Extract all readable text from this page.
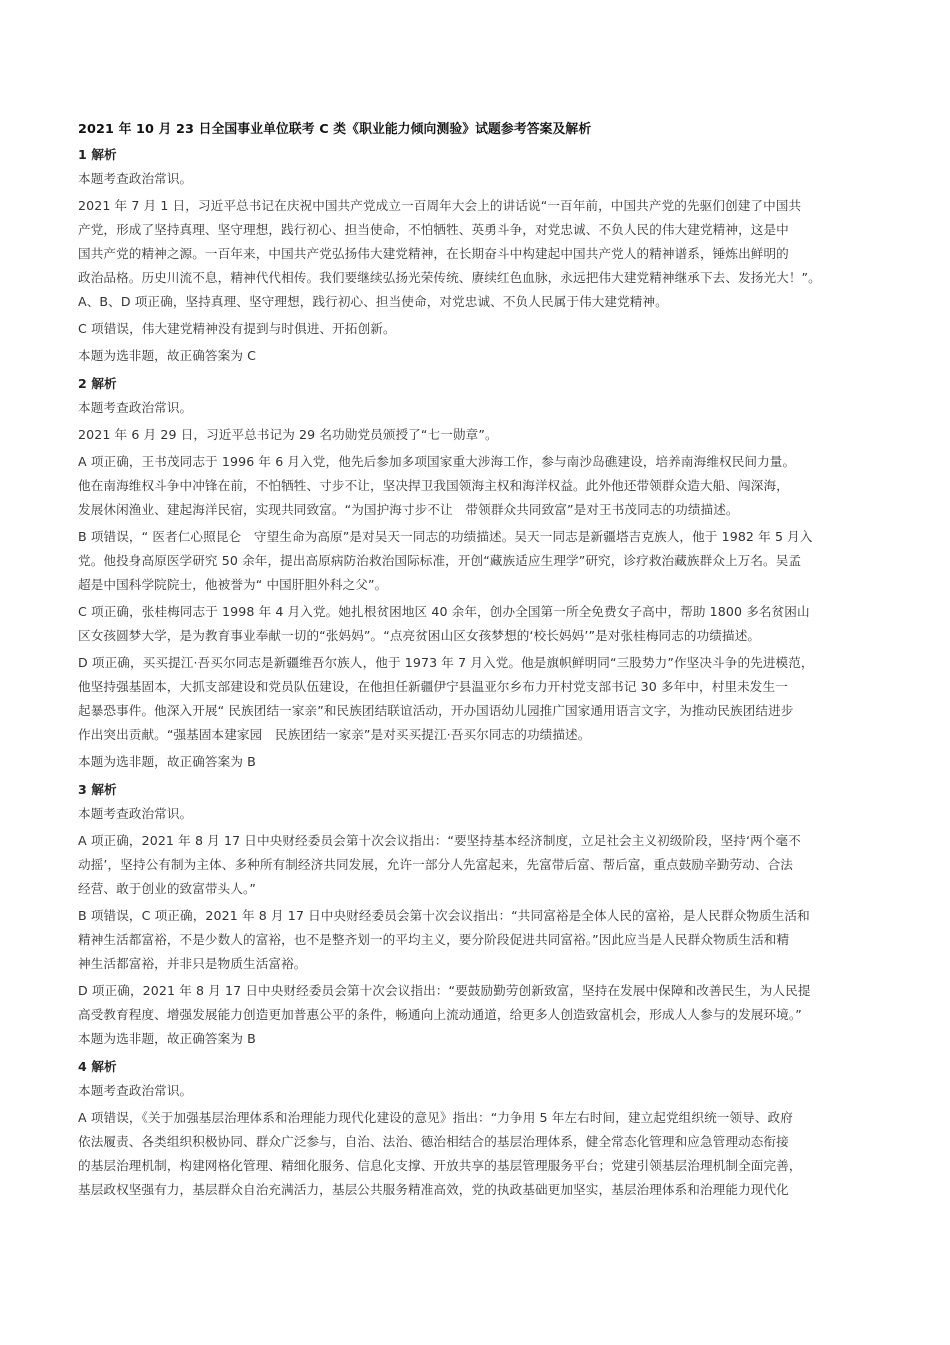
2021 年 10 月 23 日全国事业单位联考 C 类《职业能力倾向测验》试题参考答案及解析
1 解析
本题考查政治常识。
2021 年 7 月 1 日，习近平总书记在庆祝中国共产党成立一百周年大会上的讲话说“一百年前，中国共产党的先驱们创建了中国共
产党，形成了坚持真理、坚守理想，践行初心、担当使命，不怕牺牲、英勇斗争，对党忠诚、不负人民的伟大建党精神，这是中
国共产党的精神之源。一百年来，中国共产党弘扬伟大建党精神，在长期奋斗中构建起中国共产党人的精神谱系，锤炼出鲜明的
政治品格。历史川流不息，精神代代相传。我们要继续弘扬光荣传统、赓续红色血脉，永远把伟大建党精神继承下去、发扬光大！”。
A、B、D 项正确，坚持真理、坚守理想，践行初心、担当使命，对党忠诚、不负人民属于伟大建党精神。
C 项错误，伟大建党精神没有提到与时俱进、开拓创新。
本题为选非题，故正确答案为 C
2 解析
本题考查政治常识。
2021 年 6 月 29 日，习近平总书记为 29 名功勋党员颁授了“七一勋章”。
A 项正确，王书茂同志于 1996 年 6 月入党，他先后参加多项国家重大涉海工作，参与南沙岛礁建设，培养南海维权民间力量。
他在南海维权斗争中冲锋在前，不怕牺牲、寸步不让，坚决捍卫我国领海主权和海洋权益。此外他还带领群众造大船、闯深海，
发展休闲渔业、建起海洋民宿，实现共同致富。“为国护海寸步不让　带领群众共同致富”是对王书茂同志的功绩描述。
B 项错误，“ 医者仁心照昆仑　守望生命为高原”是对吴天一同志的功绩描述。吴天一同志是新疆塔吉克族人，他于 1982 年 5 月入
党。他投身高原医学研究 50 余年，提出高原病防治救治国际标准，开创“藏族适应生理学”研究，诊疗救治藏族群众上万名。吴孟
超是中国科学院院士，他被誉为“ 中国肝胆外科之父”。
C 项正确，张桂梅同志于 1998 年 4 月入党。她扎根贫困地区 40 余年，创办全国第一所全免费女子高中，帮助 1800 多名贫困山
区女孩圆梦大学，是为教育事业奉献一切的“张妈妈”。“点亮贫困山区女孩梦想的‘校长妈妈’”是对张桂梅同志的功绩描述。
D 项正确，买买提江·吾买尔同志是新疆维吾尔族人，他于 1973 年 7 月入党。他是旗帜鲜明同“三股势力”作坚决斗争的先进模范，
他坚持强基固本，大抓支部建设和党员队伍建设，在他担任新疆伊宁县温亚尔乡布力开村党支部书记 30 多年中，村里未发生一
起暴恐事件。他深入开展“ 民族团结一家亲”和民族团结联谊活动，开办国语幼儿园推广国家通用语言文字，为推动民族团结进步
作出突出贡献。“强基固本建家园　民族团结一家亲”是对买买提江·吾买尔同志的功绩描述。
本题为选非题，故正确答案为 B
3 解析
本题考查政治常识。
A 项正确，2021 年 8 月 17 日中央财经委员会第十次会议指出：“要坚持基本经济制度，立足社会主义初级阶段，坚持‘两个毫不
动摇’，坚持公有制为主体、多种所有制经济共同发展，允许一部分人先富起来，先富带后富、帮后富，重点鼓励辛勤劳动、合法
经营、敢于创业的致富带头人。”
B 项错误，C 项正确，2021 年 8 月 17 日中央财经委员会第十次会议指出：“共同富裕是全体人民的富裕，是人民群众物质生活和
精神生活都富裕，不是少数人的富裕，也不是整齐划一的平均主义，要分阶段促进共同富裕。”因此应当是人民群众物质生活和精
神生活都富裕，并非只是物质生活富裕。
D 项正确，2021 年 8 月 17 日中央财经委员会第十次会议指出：“要鼓励勤劳创新致富，坚持在发展中保障和改善民生，为人民提
高受教育程度、增强发展能力创造更加普惠公平的条件，畅通向上流动通道，给更多人创造致富机会，形成人人参与的发展环境。”
本题为选非题，故正确答案为 B
4 解析
本题考查政治常识。
A 项错误，《关于加强基层治理体系和治理能力现代化建设的意见》指出：“力争用 5 年左右时间，建立起党组织统一领导、政府
依法履责、各类组织积极协同、群众广泛参与，自治、法治、德治相结合的基层治理体系，健全常态化管理和应急管理动态衔接
的基层治理机制，构建网格化管理、精细化服务、信息化支撑、开放共享的基层管理服务平台；党建引领基层治理机制全面完善，
基层政权坚强有力，基层群众自治充满活力，基层公共服务精准高效，党的执政基础更加坚实，基层治理体系和治理能力现代化
